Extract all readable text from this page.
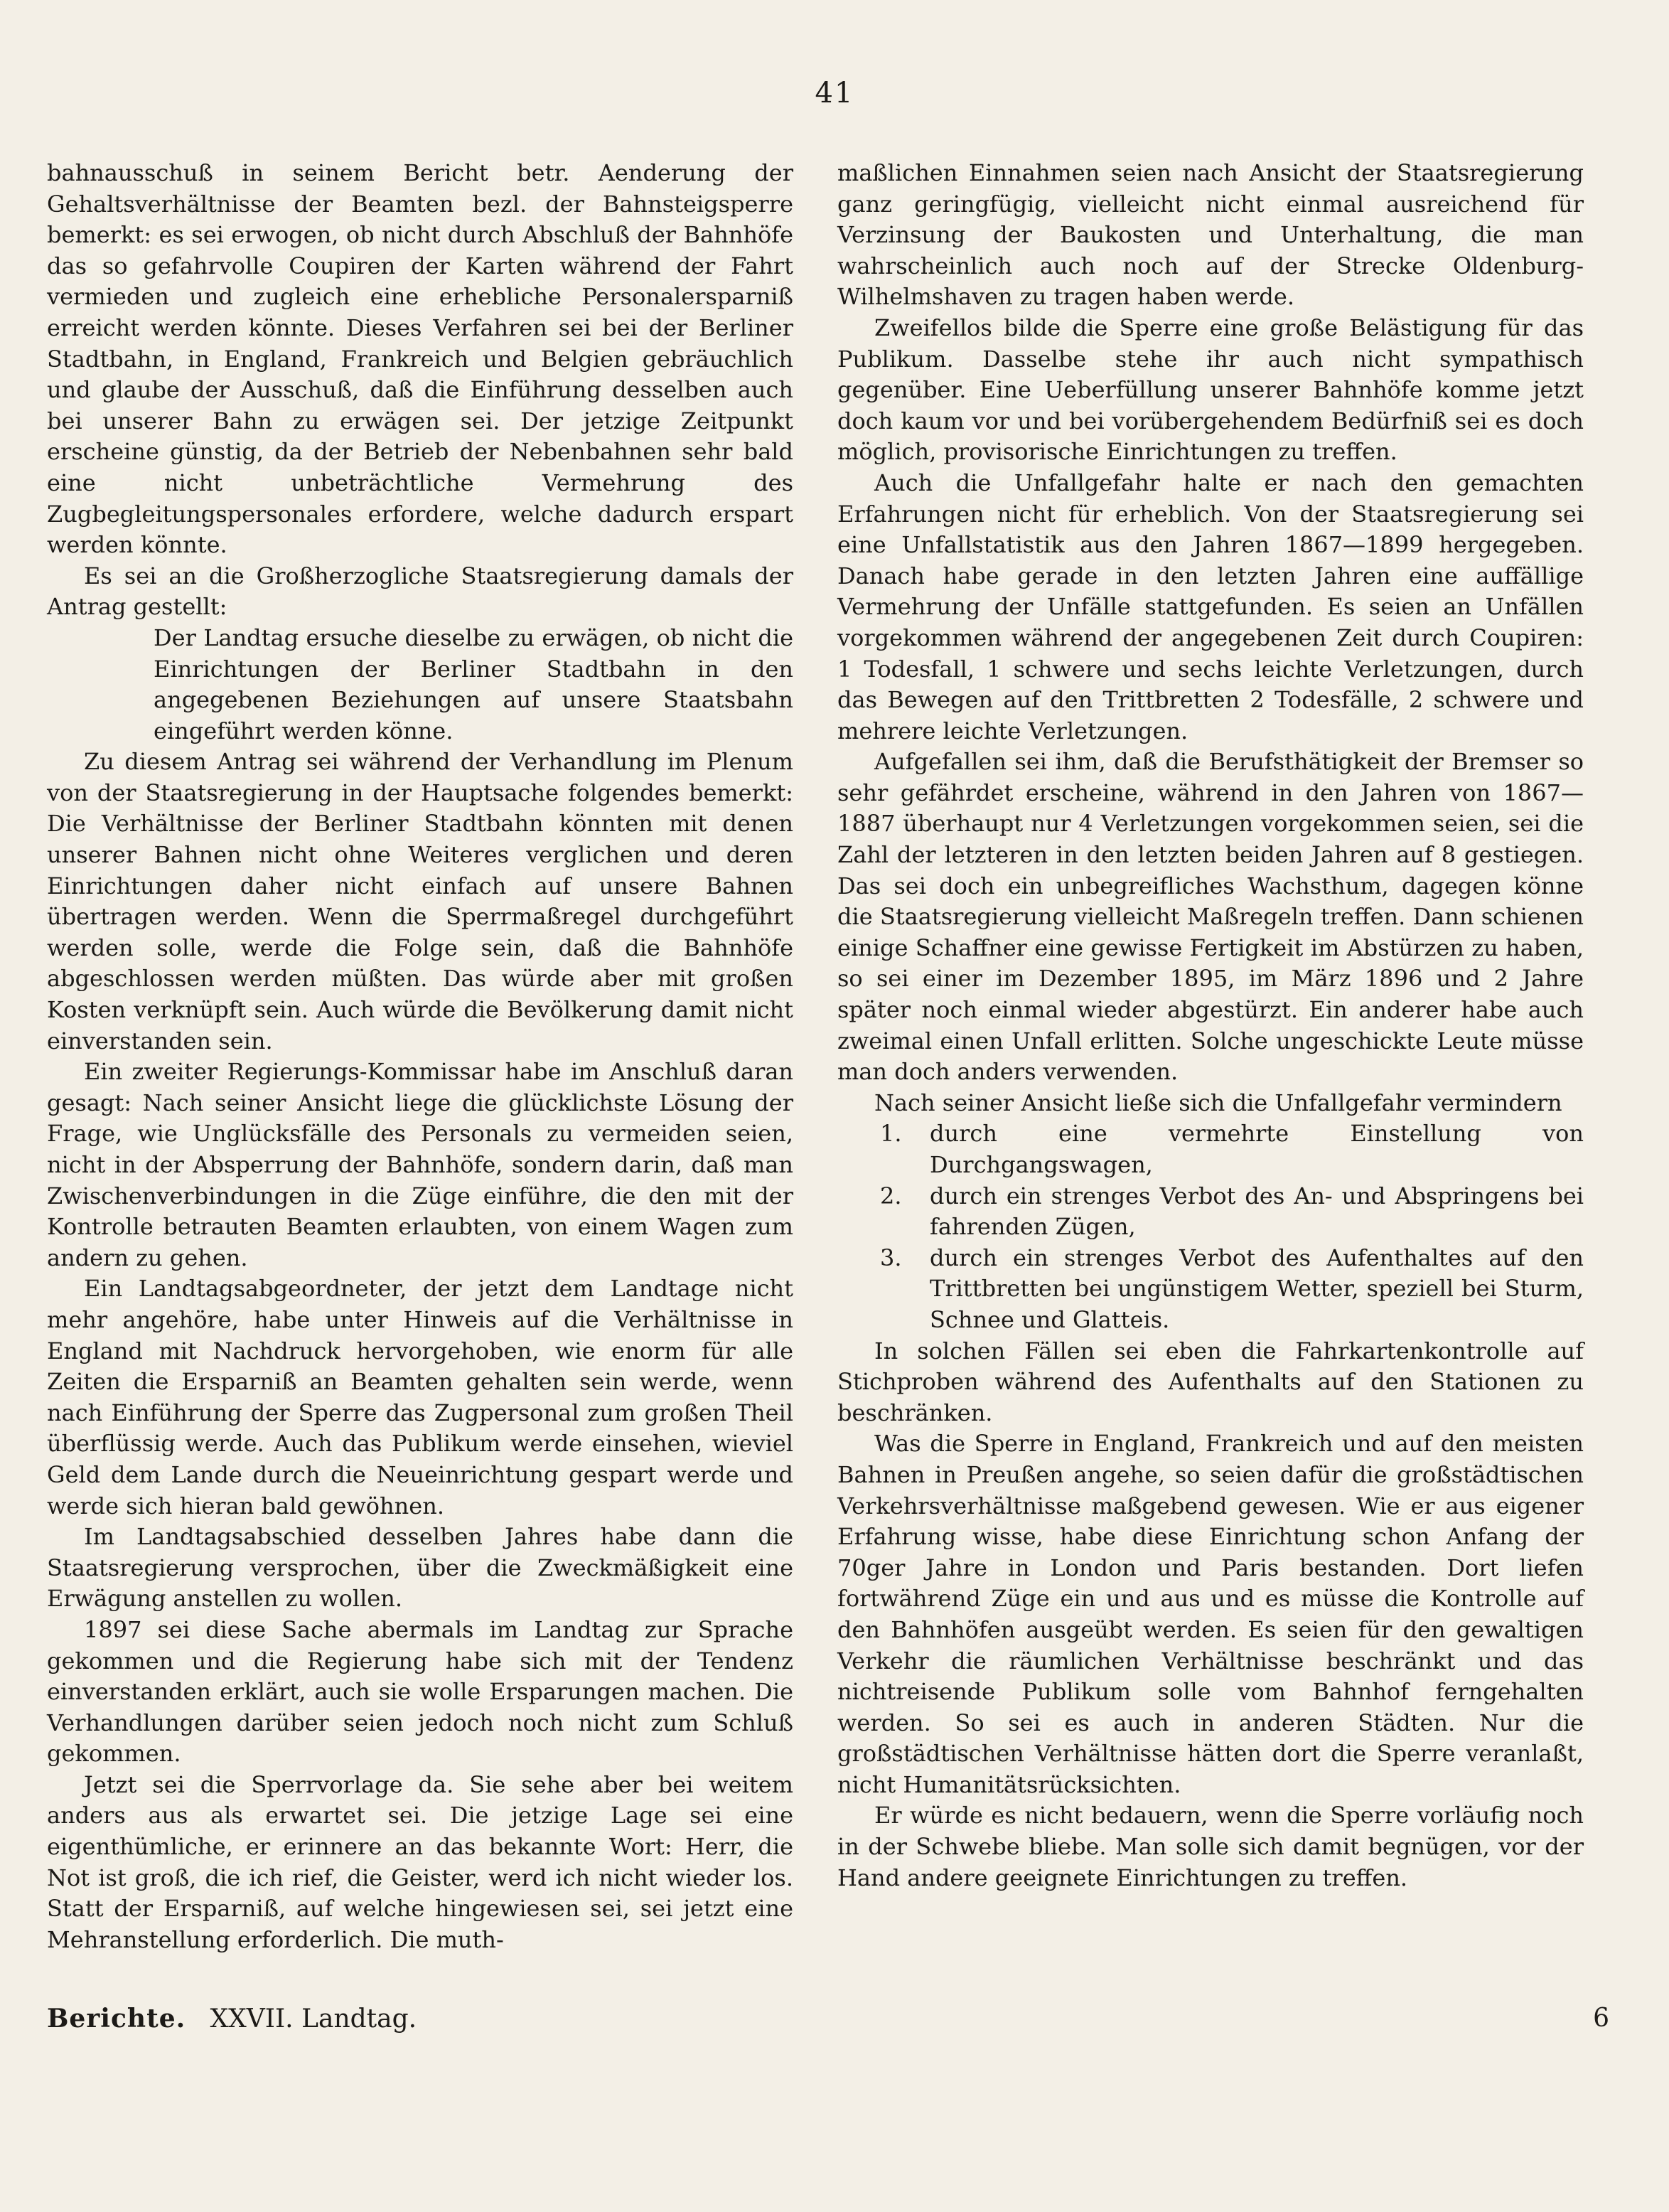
41

bahnausschuß in seinem Bericht betr. Aenderung der Gehaltsverhältnisse der Beamten bezl. der Bahnsteigsperre bemerkt: es sei erwogen, ob nicht durch Abschluß der Bahnhöfe das so gefahrvolle Coupiren der Karten während der Fahrt vermieden und zugleich eine erhebliche Personalersparniß erreicht werden könnte. Dieses Verfahren sei bei der Berliner Stadtbahn, in England, Frankreich und Belgien gebräuchlich und glaube der Ausschuß, daß die Einführung desselben auch bei unserer Bahn zu erwägen sei. Der jetzige Zeitpunkt erscheine günstig, da der Betrieb der Nebenbahnen sehr bald eine nicht unbeträchtliche Vermehrung des Zugbegleitungspersonales erfordere, welche dadurch erspart werden könnte.

Es sei an die Großherzogliche Staatsregierung damals der Antrag gestellt:

Der Landtag ersuche dieselbe zu erwägen, ob nicht die Einrichtungen der Berliner Stadtbahn in den angegebenen Beziehungen auf unsere Staatsbahn eingeführt werden könne.

Zu diesem Antrag sei während der Verhandlung im Plenum von der Staatsregierung in der Hauptsache folgendes bemerkt: Die Verhältnisse der Berliner Stadtbahn könnten mit denen unserer Bahnen nicht ohne Weiteres verglichen und deren Einrichtungen daher nicht einfach auf unsere Bahnen übertragen werden. Wenn die Sperrmaßregel durchgeführt werden solle, werde die Folge sein, daß die Bahnhöfe abgeschlossen werden müßten. Das würde aber mit großen Kosten verknüpft sein. Auch würde die Bevölkerung damit nicht einverstanden sein.

Ein zweiter Regierungs-Kommissar habe im Anschluß daran gesagt: Nach seiner Ansicht liege die glücklichste Lösung der Frage, wie Unglücksfälle des Personals zu vermeiden seien, nicht in der Absperrung der Bahnhöfe, sondern darin, daß man Zwischenverbindungen in die Züge einführe, die den mit der Kontrolle betrauten Beamten erlaubten, von einem Wagen zum andern zu gehen.

Ein Landtagsabgeordneter, der jetzt dem Landtage nicht mehr angehöre, habe unter Hinweis auf die Verhältnisse in England mit Nachdruck hervorgehoben, wie enorm für alle Zeiten die Ersparniß an Beamten gehalten sein werde, wenn nach Einführung der Sperre das Zugpersonal zum großen Theil überflüssig werde. Auch das Publikum werde einsehen, wieviel Geld dem Lande durch die Neueinrichtung gespart werde und werde sich hieran bald gewöhnen.

Im Landtagsabschied desselben Jahres habe dann die Staatsregierung versprochen, über die Zweckmäßigkeit eine Erwägung anstellen zu wollen.

1897 sei diese Sache abermals im Landtag zur Sprache gekommen und die Regierung habe sich mit der Tendenz einverstanden erklärt, auch sie wolle Ersparungen machen. Die Verhandlungen darüber seien jedoch noch nicht zum Schluß gekommen.

Jetzt sei die Sperrvorlage da. Sie sehe aber bei weitem anders aus als erwartet sei. Die jetzige Lage sei eine eigenthümliche, er erinnere an das bekannte Wort: Herr, die Not ist groß, die ich rief, die Geister, werd ich nicht wieder los. Statt der Ersparniß, auf welche hingewiesen sei, sei jetzt eine Mehranstellung erforderlich. Die muth-

maßlichen Einnahmen seien nach Ansicht der Staatsregierung ganz geringfügig, vielleicht nicht einmal ausreichend für Verzinsung der Baukosten und Unterhaltung, die man wahrscheinlich auch noch auf der Strecke Oldenburg-Wilhelmshaven zu tragen haben werde.

Zweifellos bilde die Sperre eine große Belästigung für das Publikum. Dasselbe stehe ihr auch nicht sympathisch gegenüber. Eine Ueberfüllung unserer Bahnhöfe komme jetzt doch kaum vor und bei vorübergehendem Bedürfniß sei es doch möglich, provisorische Einrichtungen zu treffen.

Auch die Unfallgefahr halte er nach den gemachten Erfahrungen nicht für erheblich. Von der Staatsregierung sei eine Unfallstatistik aus den Jahren 1867—1899 hergegeben. Danach habe gerade in den letzten Jahren eine auffällige Vermehrung der Unfälle stattgefunden. Es seien an Unfällen vorgekommen während der angegebenen Zeit durch Coupiren: 1 Todesfall, 1 schwere und sechs leichte Verletzungen, durch das Bewegen auf den Trittbretten 2 Todesfälle, 2 schwere und mehrere leichte Verletzungen.

Aufgefallen sei ihm, daß die Berufsthätigkeit der Bremser so sehr gefährdet erscheine, während in den Jahren von 1867—1887 überhaupt nur 4 Verletzungen vorgekommen seien, sei die Zahl der letzteren in den letzten beiden Jahren auf 8 gestiegen. Das sei doch ein unbegreifliches Wachsthum, dagegen könne die Staatsregierung vielleicht Maßregeln treffen. Dann schienen einige Schaffner eine gewisse Fertigkeit im Abstürzen zu haben, so sei einer im Dezember 1895, im März 1896 und 2 Jahre später noch einmal wieder abgestürzt. Ein anderer habe auch zweimal einen Unfall erlitten. Solche ungeschickte Leute müsse man doch anders verwenden.

Nach seiner Ansicht ließe sich die Unfallgefahr vermindern

1. durch eine vermehrte Einstellung von Durchgangswagen,

2. durch ein strenges Verbot des An- und Abspringens bei fahrenden Zügen,

3. durch ein strenges Verbot des Aufenthaltes auf den Trittbretten bei ungünstigem Wetter, speziell bei Sturm, Schnee und Glatteis.

In solchen Fällen sei eben die Fahrkartenkontrolle auf Stichproben während des Aufenthalts auf den Stationen zu beschränken.

Was die Sperre in England, Frankreich und auf den meisten Bahnen in Preußen angehe, so seien dafür die großstädtischen Verkehrsverhältnisse maßgebend gewesen. Wie er aus eigener Erfahrung wisse, habe diese Einrichtung schon Anfang der 70ger Jahre in London und Paris bestanden. Dort liefen fortwährend Züge ein und aus und es müsse die Kontrolle auf den Bahnhöfen ausgeübt werden. Es seien für den gewaltigen Verkehr die räumlichen Verhältnisse beschränkt und das nichtreisende Publikum solle vom Bahnhof ferngehalten werden. So sei es auch in anderen Städten. Nur die großstädtischen Verhältnisse hätten dort die Sperre veranlaßt, nicht Humanitätsrücksichten.

Er würde es nicht bedauern, wenn die Sperre vorläufig noch in der Schwebe bliebe. Man solle sich damit begnügen, vor der Hand andere geeignete Einrichtungen zu treffen.

Berichte. XXVII. Landtag.	6
